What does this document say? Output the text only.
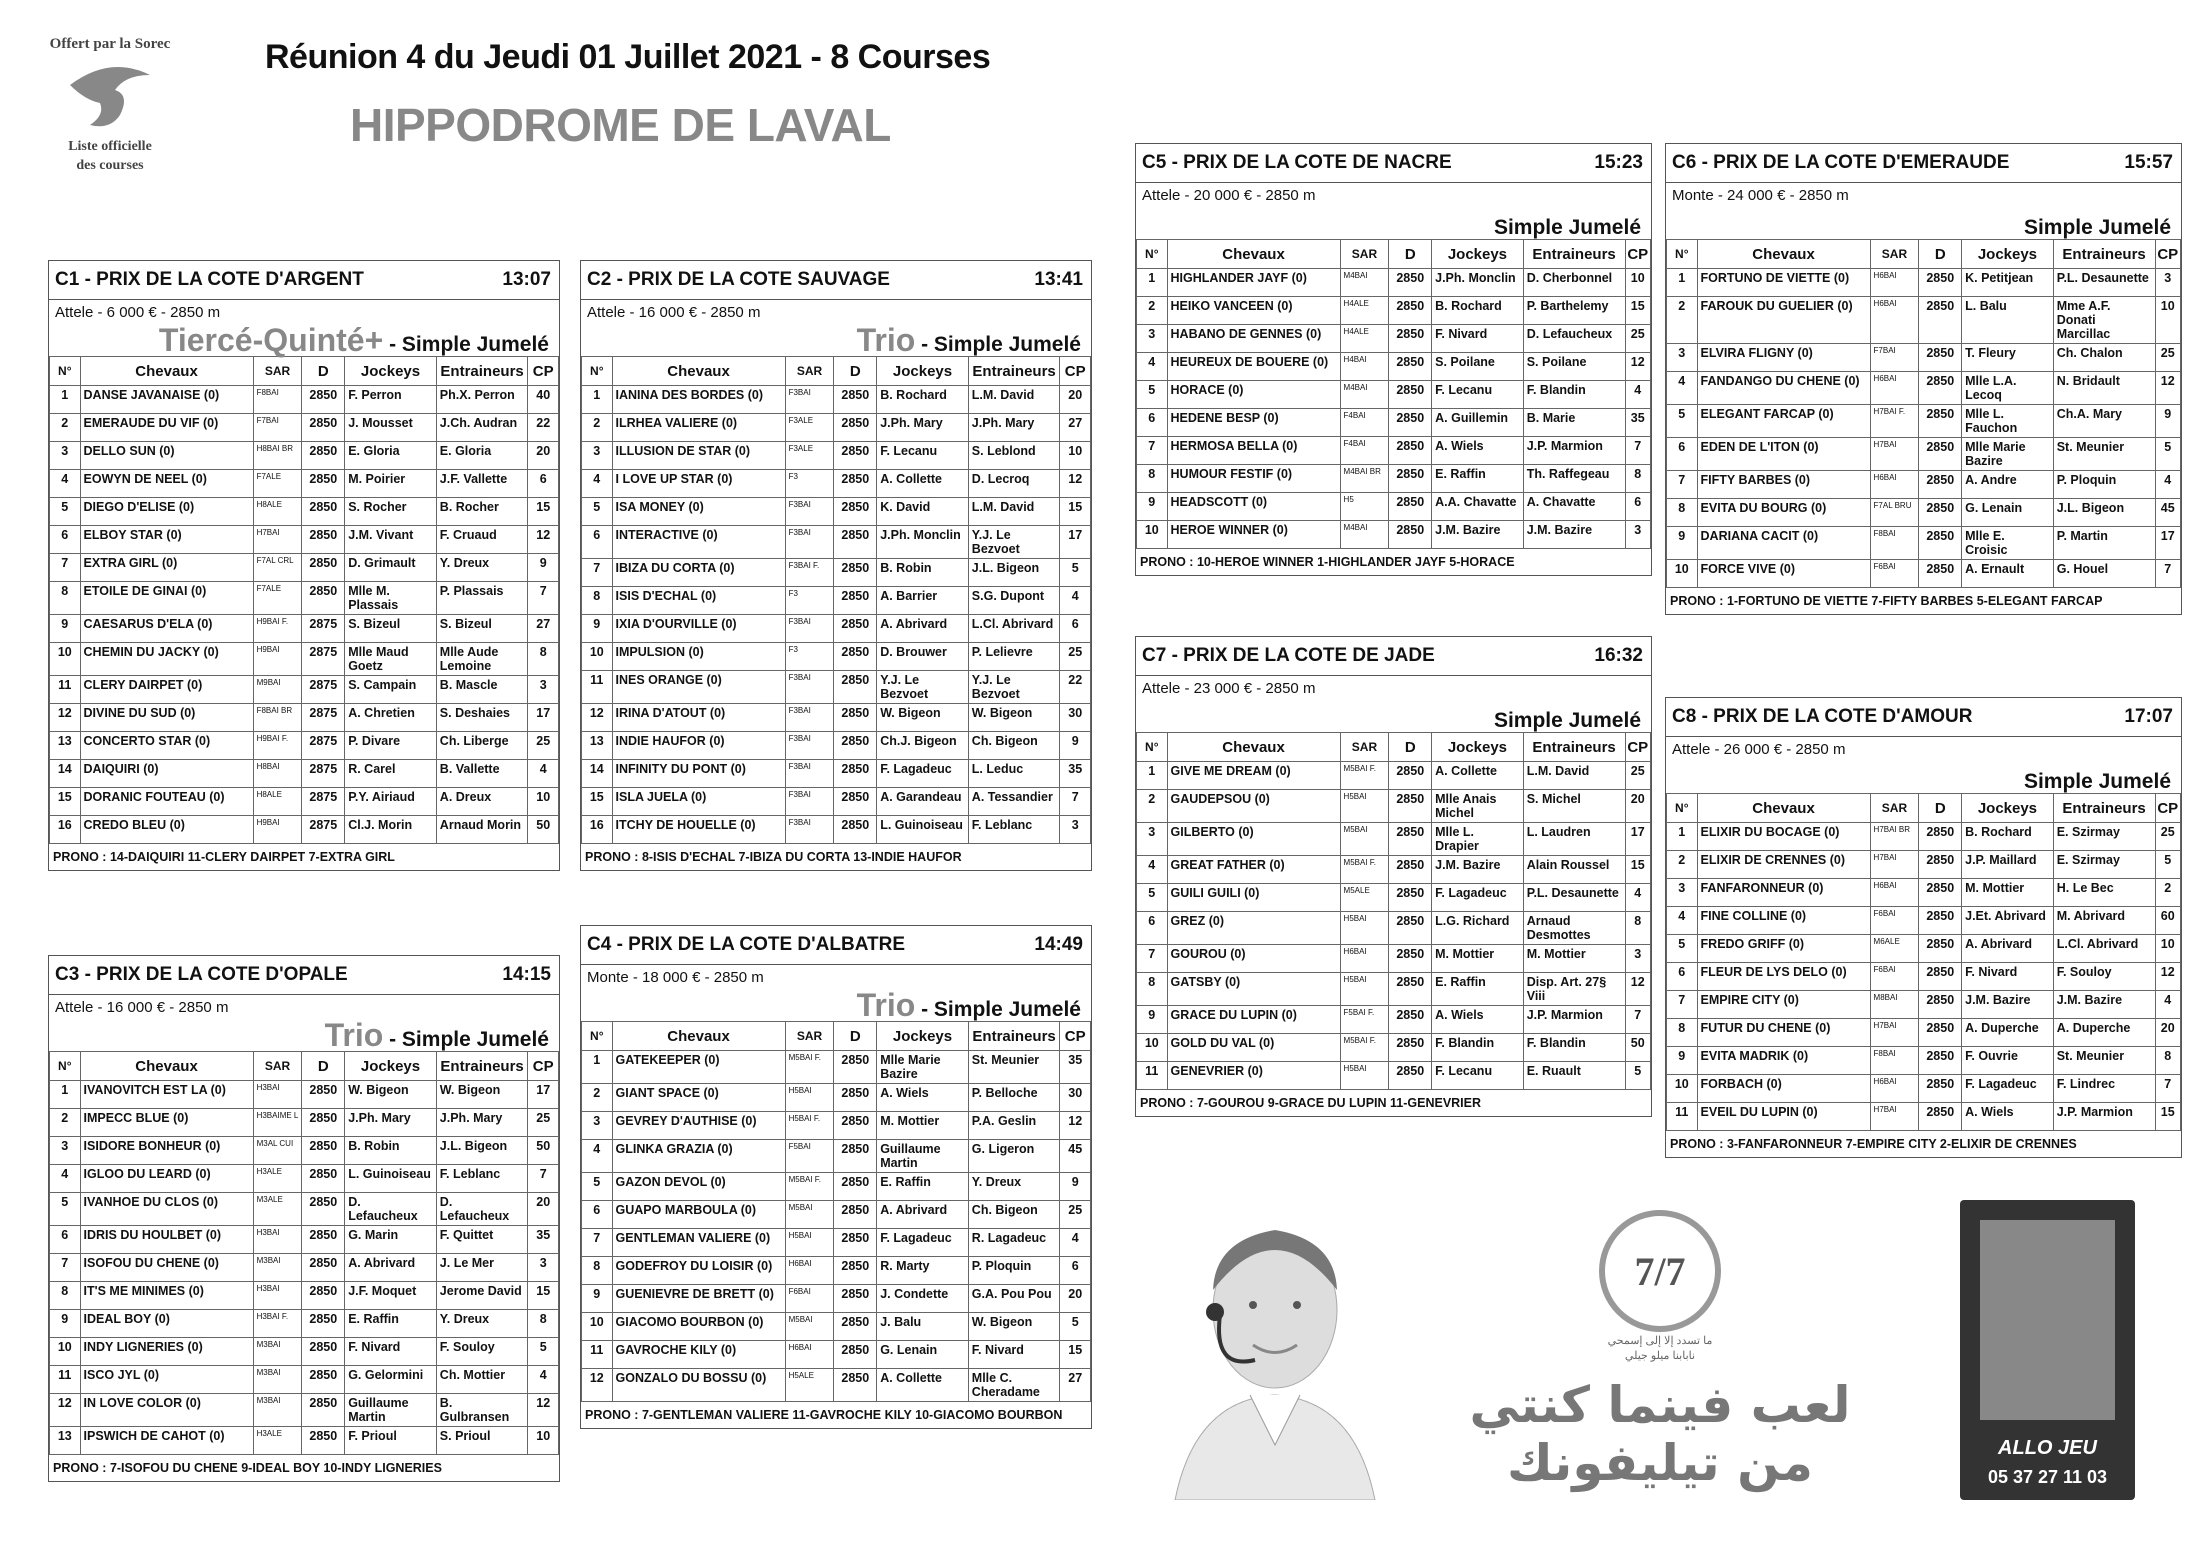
Offert par la Sorec
Liste officielle
des courses
Réunion 4 du Jeudi 01 Juillet 2021 - 8 Courses
HIPPODROME DE LAVAL
C1 - PRIX DE LA COTE D'ARGENT	13:07
Attele - 6 000 € - 2850 m
Tiercé-Quinté+ - Simple Jumelé
N°	Chevaux	SAR	D	Jockeys	Entraineurs	CP
1	DANSE JAVANAISE (0)	F8BAI	2850	F. Perron	Ph.X. Perron	40
2	EMERAUDE DU VIF (0)	F7BAI	2850	J. Mousset	J.Ch. Audran	22
3	DELLO SUN (0)	H8BAI BR	2850	E. Gloria	E. Gloria	20
4	EOWYN DE NEEL (0)	F7ALE	2850	M. Poirier	J.F. Vallette	6
5	DIEGO D'ELISE (0)	H8ALE	2850	S. Rocher	B. Rocher	15
6	ELBOY STAR (0)	H7BAI	2850	J.M. Vivant	F. Cruaud	12
7	EXTRA GIRL (0)	F7AL CRL	2850	D. Grimault	Y. Dreux	9
8	ETOILE DE GINAI (0)	F7ALE	2850	Mlle M. Plassais	P. Plassais	7
9	CAESARUS D'ELA (0)	H9BAI F.	2875	S. Bizeul	S. Bizeul	27
10	CHEMIN DU JACKY (0)	H9BAI	2875	Mlle Maud Goetz	Mlle Aude Lemoine	8
11	CLERY DAIRPET (0)	M9BAI	2875	S. Campain	B. Mascle	3
12	DIVINE DU SUD (0)	F8BAI BR	2875	A. Chretien	S. Deshaies	17
13	CONCERTO STAR (0)	H9BAI F.	2875	P. Divare	Ch. Liberge	25
14	DAIQUIRI (0)	H8BAI	2875	R. Carel	B. Vallette	4
15	DORANIC FOUTEAU (0)	H8ALE	2875	P.Y. Airiaud	A. Dreux	10
16	CREDO BLEU (0)	H9BAI	2875	Cl.J. Morin	Arnaud Morin	50
PRONO : 14-DAIQUIRI 11-CLERY DAIRPET 7-EXTRA GIRL
C2 - PRIX DE LA COTE SAUVAGE	13:41
Attele - 16 000 € - 2850 m
Trio - Simple Jumelé
N°	Chevaux	SAR	D	Jockeys	Entraineurs	CP
1	IANINA DES BORDES (0)	F3BAI	2850	B. Rochard	L.M. David	20
2	ILRHEA VALIERE (0)	F3ALE	2850	J.Ph. Mary	J.Ph. Mary	27
3	ILLUSION DE STAR (0)	F3ALE	2850	F. Lecanu	S. Leblond	10
4	I LOVE UP STAR (0)	F3	2850	A. Collette	D. Lecroq	12
5	ISA MONEY (0)	F3BAI	2850	K. David	L.M. David	15
6	INTERACTIVE (0)	F3BAI	2850	J.Ph. Monclin	Y.J. Le Bezvoet	17
7	IBIZA DU CORTA (0)	F3BAI F.	2850	B. Robin	J.L. Bigeon	5
8	ISIS D'ECHAL (0)	F3	2850	A. Barrier	S.G. Dupont	4
9	IXIA D'OURVILLE (0)	F3BAI	2850	A. Abrivard	L.Cl. Abrivard	6
10	IMPULSION (0)	F3	2850	D. Brouwer	P. Lelievre	25
11	INES ORANGE (0)	F3BAI	2850	Y.J. Le Bezvoet	Y.J. Le Bezvoet	22
12	IRINA D'ATOUT (0)	F3BAI	2850	W. Bigeon	W. Bigeon	30
13	INDIE HAUFOR (0)	F3BAI	2850	Ch.J. Bigeon	Ch. Bigeon	9
14	INFINITY DU PONT (0)	F3BAI	2850	F. Lagadeuc	L. Leduc	35
15	ISLA JUELA (0)	F3BAI	2850	A. Garandeau	A. Tessandier	7
16	ITCHY DE HOUELLE (0)	F3BAI	2850	L. Guinoiseau	F. Leblanc	3
PRONO : 8-ISIS D'ECHAL 7-IBIZA DU CORTA 13-INDIE HAUFOR
C3 - PRIX DE LA COTE D'OPALE	14:15
Attele - 16 000 € - 2850 m
Trio - Simple Jumelé
N°	Chevaux	SAR	D	Jockeys	Entraineurs	CP
1	IVANOVITCH EST LA (0)	H3BAI	2850	W. Bigeon	W. Bigeon	17
2	IMPECC BLUE (0)	H3BAIME L	2850	J.Ph. Mary	J.Ph. Mary	25
3	ISIDORE BONHEUR (0)	M3AL CUI	2850	B. Robin	J.L. Bigeon	50
4	IGLOO DU LEARD (0)	H3ALE	2850	L. Guinoiseau	F. Leblanc	7
5	IVANHOE DU CLOS (0)	M3ALE	2850	D. Lefaucheux	D. Lefaucheux	20
6	IDRIS DU HOULBET (0)	H3BAI	2850	G. Marin	F. Quittet	35
7	ISOFOU DU CHENE (0)	M3BAI	2850	A. Abrivard	J. Le Mer	3
8	IT'S ME MINIMES (0)	H3BAI	2850	J.F. Moquet	Jerome David	15
9	IDEAL BOY (0)	H3BAI F.	2850	E. Raffin	Y. Dreux	8
10	INDY LIGNERIES (0)	M3BAI	2850	F. Nivard	F. Souloy	5
11	ISCO JYL (0)	M3BAI	2850	G. Gelormini	Ch. Mottier	4
12	IN LOVE COLOR (0)	M3BAI	2850	Guillaume Martin	B. Gulbransen	12
13	IPSWICH DE CAHOT (0)	H3ALE	2850	F. Prioul	S. Prioul	10
PRONO : 7-ISOFOU DU CHENE 9-IDEAL BOY 10-INDY LIGNERIES
C4 - PRIX DE LA COTE D'ALBATRE	14:49
Monte - 18 000 € - 2850 m
Trio - Simple Jumelé
N°	Chevaux	SAR	D	Jockeys	Entraineurs	CP
1	GATEKEEPER (0)	M5BAI F.	2850	Mlle Marie Bazire	St. Meunier	35
2	GIANT SPACE (0)	H5BAI	2850	A. Wiels	P. Belloche	30
3	GEVREY D'AUTHISE (0)	H5BAI F.	2850	M. Mottier	P.A. Geslin	12
4	GLINKA GRAZIA (0)	F5BAI	2850	Guillaume Martin	G. Ligeron	45
5	GAZON DEVOL (0)	M5BAI F.	2850	E. Raffin	Y. Dreux	9
6	GUAPO MARBOULA (0)	M5BAI	2850	A. Abrivard	Ch. Bigeon	25
7	GENTLEMAN VALIERE (0)	H5BAI	2850	F. Lagadeuc	R. Lagadeuc	4
8	GODEFROY DU LOISIR (0)	H6BAI	2850	R. Marty	P. Ploquin	6
9	GUENIEVRE DE BRETT (0)	F6BAI	2850	J. Condette	G.A. Pou Pou	20
10	GIACOMO BOURBON (0)	M5BAI	2850	J. Balu	W. Bigeon	5
11	GAVROCHE KILY (0)	H6BAI	2850	G. Lenain	F. Nivard	15
12	GONZALO DU BOSSU (0)	H5ALE	2850	A. Collette	Mlle C. Cheradame	27
PRONO : 7-GENTLEMAN VALIERE 11-GAVROCHE KILY 10-GIACOMO BOURBON
C5 - PRIX DE LA COTE DE NACRE	15:23
Attele - 20 000 € - 2850 m
Simple Jumelé
N°	Chevaux	SAR	D	Jockeys	Entraineurs	CP
1	HIGHLANDER JAYF (0)	M4BAI	2850	J.Ph. Monclin	D. Cherbonnel	10
2	HEIKO VANCEEN (0)	H4ALE	2850	B. Rochard	P. Barthelemy	15
3	HABANO DE GENNES (0)	H4ALE	2850	F. Nivard	D. Lefaucheux	25
4	HEUREUX DE BOUERE (0)	H4BAI	2850	S. Poilane	S. Poilane	12
5	HORACE (0)	M4BAI	2850	F. Lecanu	F. Blandin	4
6	HEDENE BESP (0)	F4BAI	2850	A. Guillemin	B. Marie	35
7	HERMOSA BELLA (0)	F4BAI	2850	A. Wiels	J.P. Marmion	7
8	HUMOUR FESTIF (0)	M4BAI BR	2850	E. Raffin	Th. Raffegeau	8
9	HEADSCOTT (0)	H5	2850	A.A. Chavatte	A. Chavatte	6
10	HEROE WINNER (0)	M4BAI	2850	J.M. Bazire	J.M. Bazire	3
PRONO : 10-HEROE WINNER 1-HIGHLANDER JAYF 5-HORACE
C6 - PRIX DE LA COTE D'EMERAUDE	15:57
Monte - 24 000 € - 2850 m
Simple Jumelé
N°	Chevaux	SAR	D	Jockeys	Entraineurs	CP
1	FORTUNO DE VIETTE (0)	H6BAI	2850	K. Petitjean	P.L. Desaunette	3
2	FAROUK DU GUELIER (0)	H6BAI	2850	L. Balu	Mme A.F. Donati Marcillac	10
3	ELVIRA FLIGNY (0)	F7BAI	2850	T. Fleury	Ch. Chalon	25
4	FANDANGO DU CHENE (0)	H6BAI	2850	Mlle L.A. Lecoq	N. Bridault	12
5	ELEGANT FARCAP (0)	H7BAI F.	2850	Mlle L. Fauchon	Ch.A. Mary	9
6	EDEN DE L'ITON (0)	H7BAI	2850	Mlle Marie Bazire	St. Meunier	5
7	FIFTY BARBES (0)	H6BAI	2850	A. Andre	P. Ploquin	4
8	EVITA DU BOURG (0)	F7AL BRU	2850	G. Lenain	J.L. Bigeon	45
9	DARIANA CACIT (0)	F8BAI	2850	Mlle E. Croisic	P. Martin	17
10	FORCE VIVE (0)	F6BAI	2850	A. Ernault	G. Houel	7
PRONO : 1-FORTUNO DE VIETTE 7-FIFTY BARBES 5-ELEGANT FARCAP
C7 - PRIX DE LA COTE DE JADE	16:32
Attele - 23 000 € - 2850 m
Simple Jumelé
N°	Chevaux	SAR	D	Jockeys	Entraineurs	CP
1	GIVE ME DREAM (0)	M5BAI F.	2850	A. Collette	L.M. David	25
2	GAUDEPSOU (0)	H5BAI	2850	Mlle Anais Michel	S. Michel	20
3	GILBERTO (0)	M5BAI	2850	Mlle L. Drapier	L. Laudren	17
4	GREAT FATHER (0)	M5BAI F.	2850	J.M. Bazire	Alain Roussel	15
5	GUILI GUILI (0)	M5ALE	2850	F. Lagadeuc	P.L. Desaunette	4
6	GREZ (0)	H5BAI	2850	L.G. Richard	Arnaud Desmottes	8
7	GOUROU (0)	H6BAI	2850	M. Mottier	M. Mottier	3
8	GATSBY (0)	H5BAI	2850	E. Raffin	Disp. Art. 27§ Viii	12
9	GRACE DU LUPIN (0)	F5BAI F.	2850	A. Wiels	J.P. Marmion	7
10	GOLD DU VAL (0)	M5BAI F.	2850	F. Blandin	F. Blandin	50
11	GENEVRIER (0)	H5BAI	2850	F. Lecanu	E. Ruault	5
PRONO : 7-GOUROU 9-GRACE DU LUPIN 11-GENEVRIER
C8 - PRIX DE LA COTE D'AMOUR	17:07
Attele - 26 000 € - 2850 m
Simple Jumelé
N°	Chevaux	SAR	D	Jockeys	Entraineurs	CP
1	ELIXIR DU BOCAGE (0)	H7BAI BR	2850	B. Rochard	E. Szirmay	25
2	ELIXIR DE CRENNES (0)	H7BAI	2850	J.P. Maillard	E. Szirmay	5
3	FANFARONNEUR (0)	H6BAI	2850	M. Mottier	H. Le Bec	2
4	FINE COLLINE (0)	F6BAI	2850	J.Et. Abrivard	M. Abrivard	60
5	FREDO GRIFF (0)	M6ALE	2850	A. Abrivard	L.Cl. Abrivard	10
6	FLEUR DE LYS DELO (0)	F6BAI	2850	F. Nivard	F. Souloy	12
7	EMPIRE CITY (0)	M8BAI	2850	J.M. Bazire	J.M. Bazire	4
8	FUTUR DU CHENE (0)	H7BAI	2850	A. Duperche	A. Duperche	20
9	EVITA MADRIK (0)	F8BAI	2850	F. Ouvrie	St. Meunier	8
10	FORBACH (0)	H6BAI	2850	F. Lagadeuc	F. Lindrec	7
11	EVEIL DU LUPIN (0)	H7BAI	2850	A. Wiels	J.P. Marmion	15
PRONO : 3-FANFARONNEUR 7-EMPIRE CITY 2-ELIXIR DE CRENNES
7/7
ما تسدد إلا إلى إسمحي
نابابنا ميلو جيلي
لعب فينما كنتي
من تيليفونك	ALLO JEU
05 37 27 11 03
